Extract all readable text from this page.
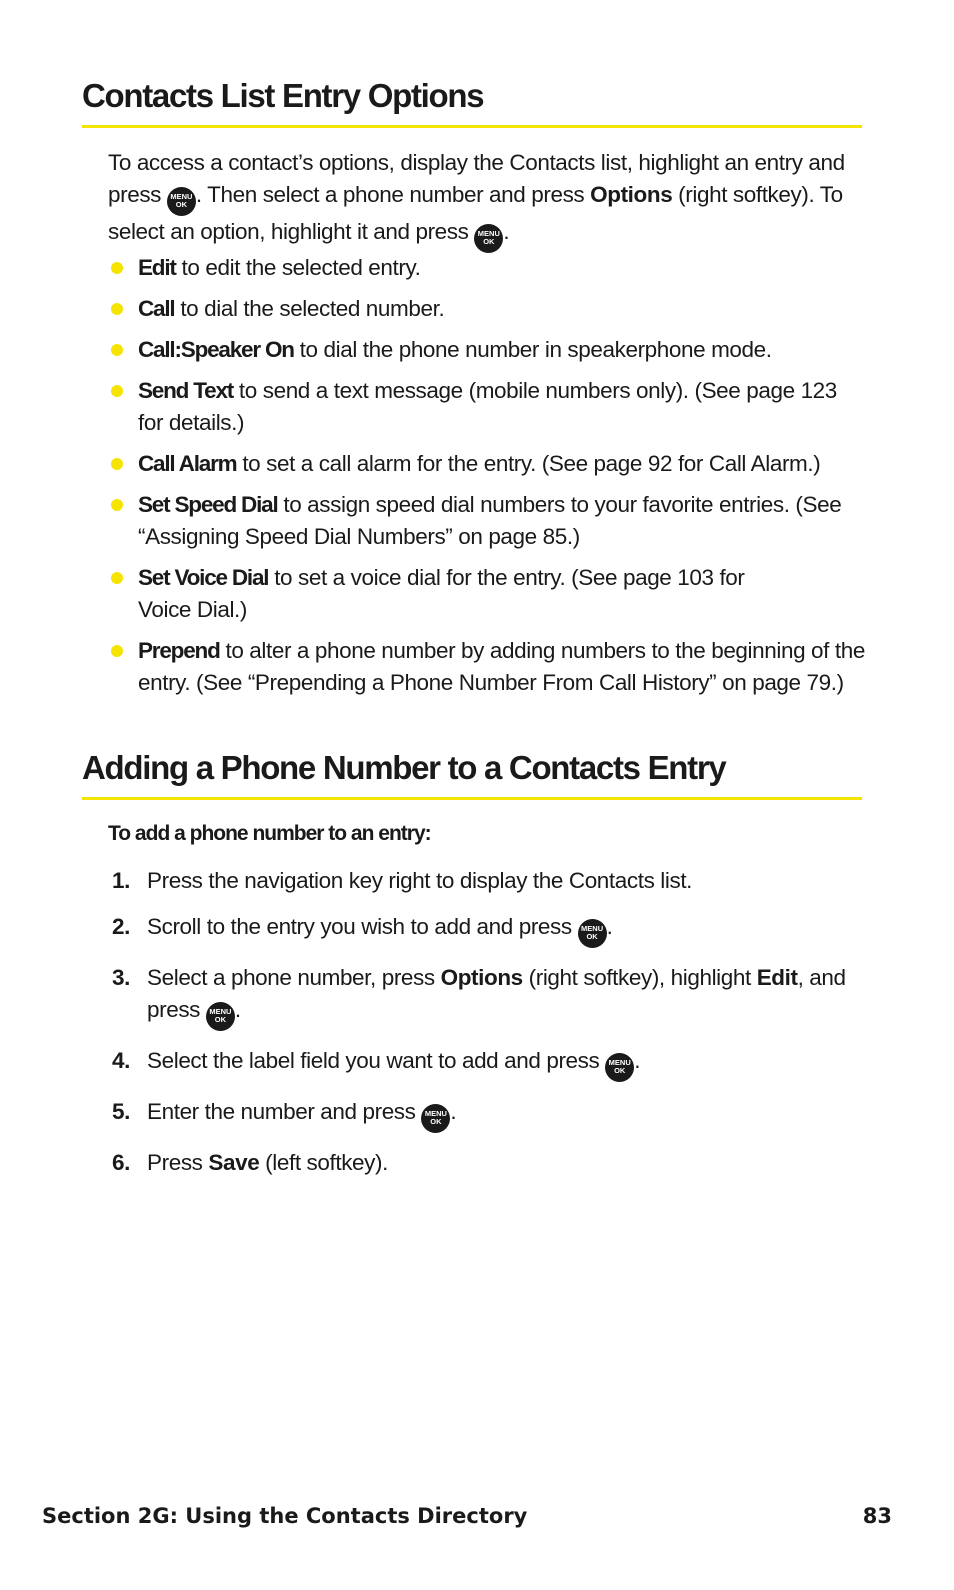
Contacts List Entry Options

To access a contact’s options, display the Contacts list, highlight an entry and press MENU
OK . Then select a phone number and press Options (right softkey). To select an option, highlight it and press MENU
OK .

Edit to edit the selected entry.
Call to dial the selected number.
Call:Speaker On to dial the phone number in speakerphone mode.
Send Text to send a text message (mobile numbers only). (See page 123 for details.)
Call Alarm to set a call alarm for the entry. (See page 92 for Call Alarm.)
Set Speed Dial to assign speed dial numbers to your favorite entries. (See “Assigning Speed Dial Numbers” on page 85.)
Set Voice Dial to set a voice dial for the entry. (See page 103 for Voice Dial.)
Prepend to alter a phone number by adding numbers to the beginning of the entry. (See “Prepending a Phone Number From Call History” on page 79.)
Adding a Phone Number to a Contacts Entry

To add a phone number to an entry:

1. Press the navigation key right to display the Contacts list.
2. Scroll to the entry you wish to add and press MENU
OK .
3. Select a phone number, press Options (right softkey), highlight Edit, and press MENU
OK .
4. Select the label field you want to add and press MENU
OK .
5. Enter the number and press MENU
OK .
6. Press Save (left softkey).
Section 2G: Using the Contacts Directory	83
